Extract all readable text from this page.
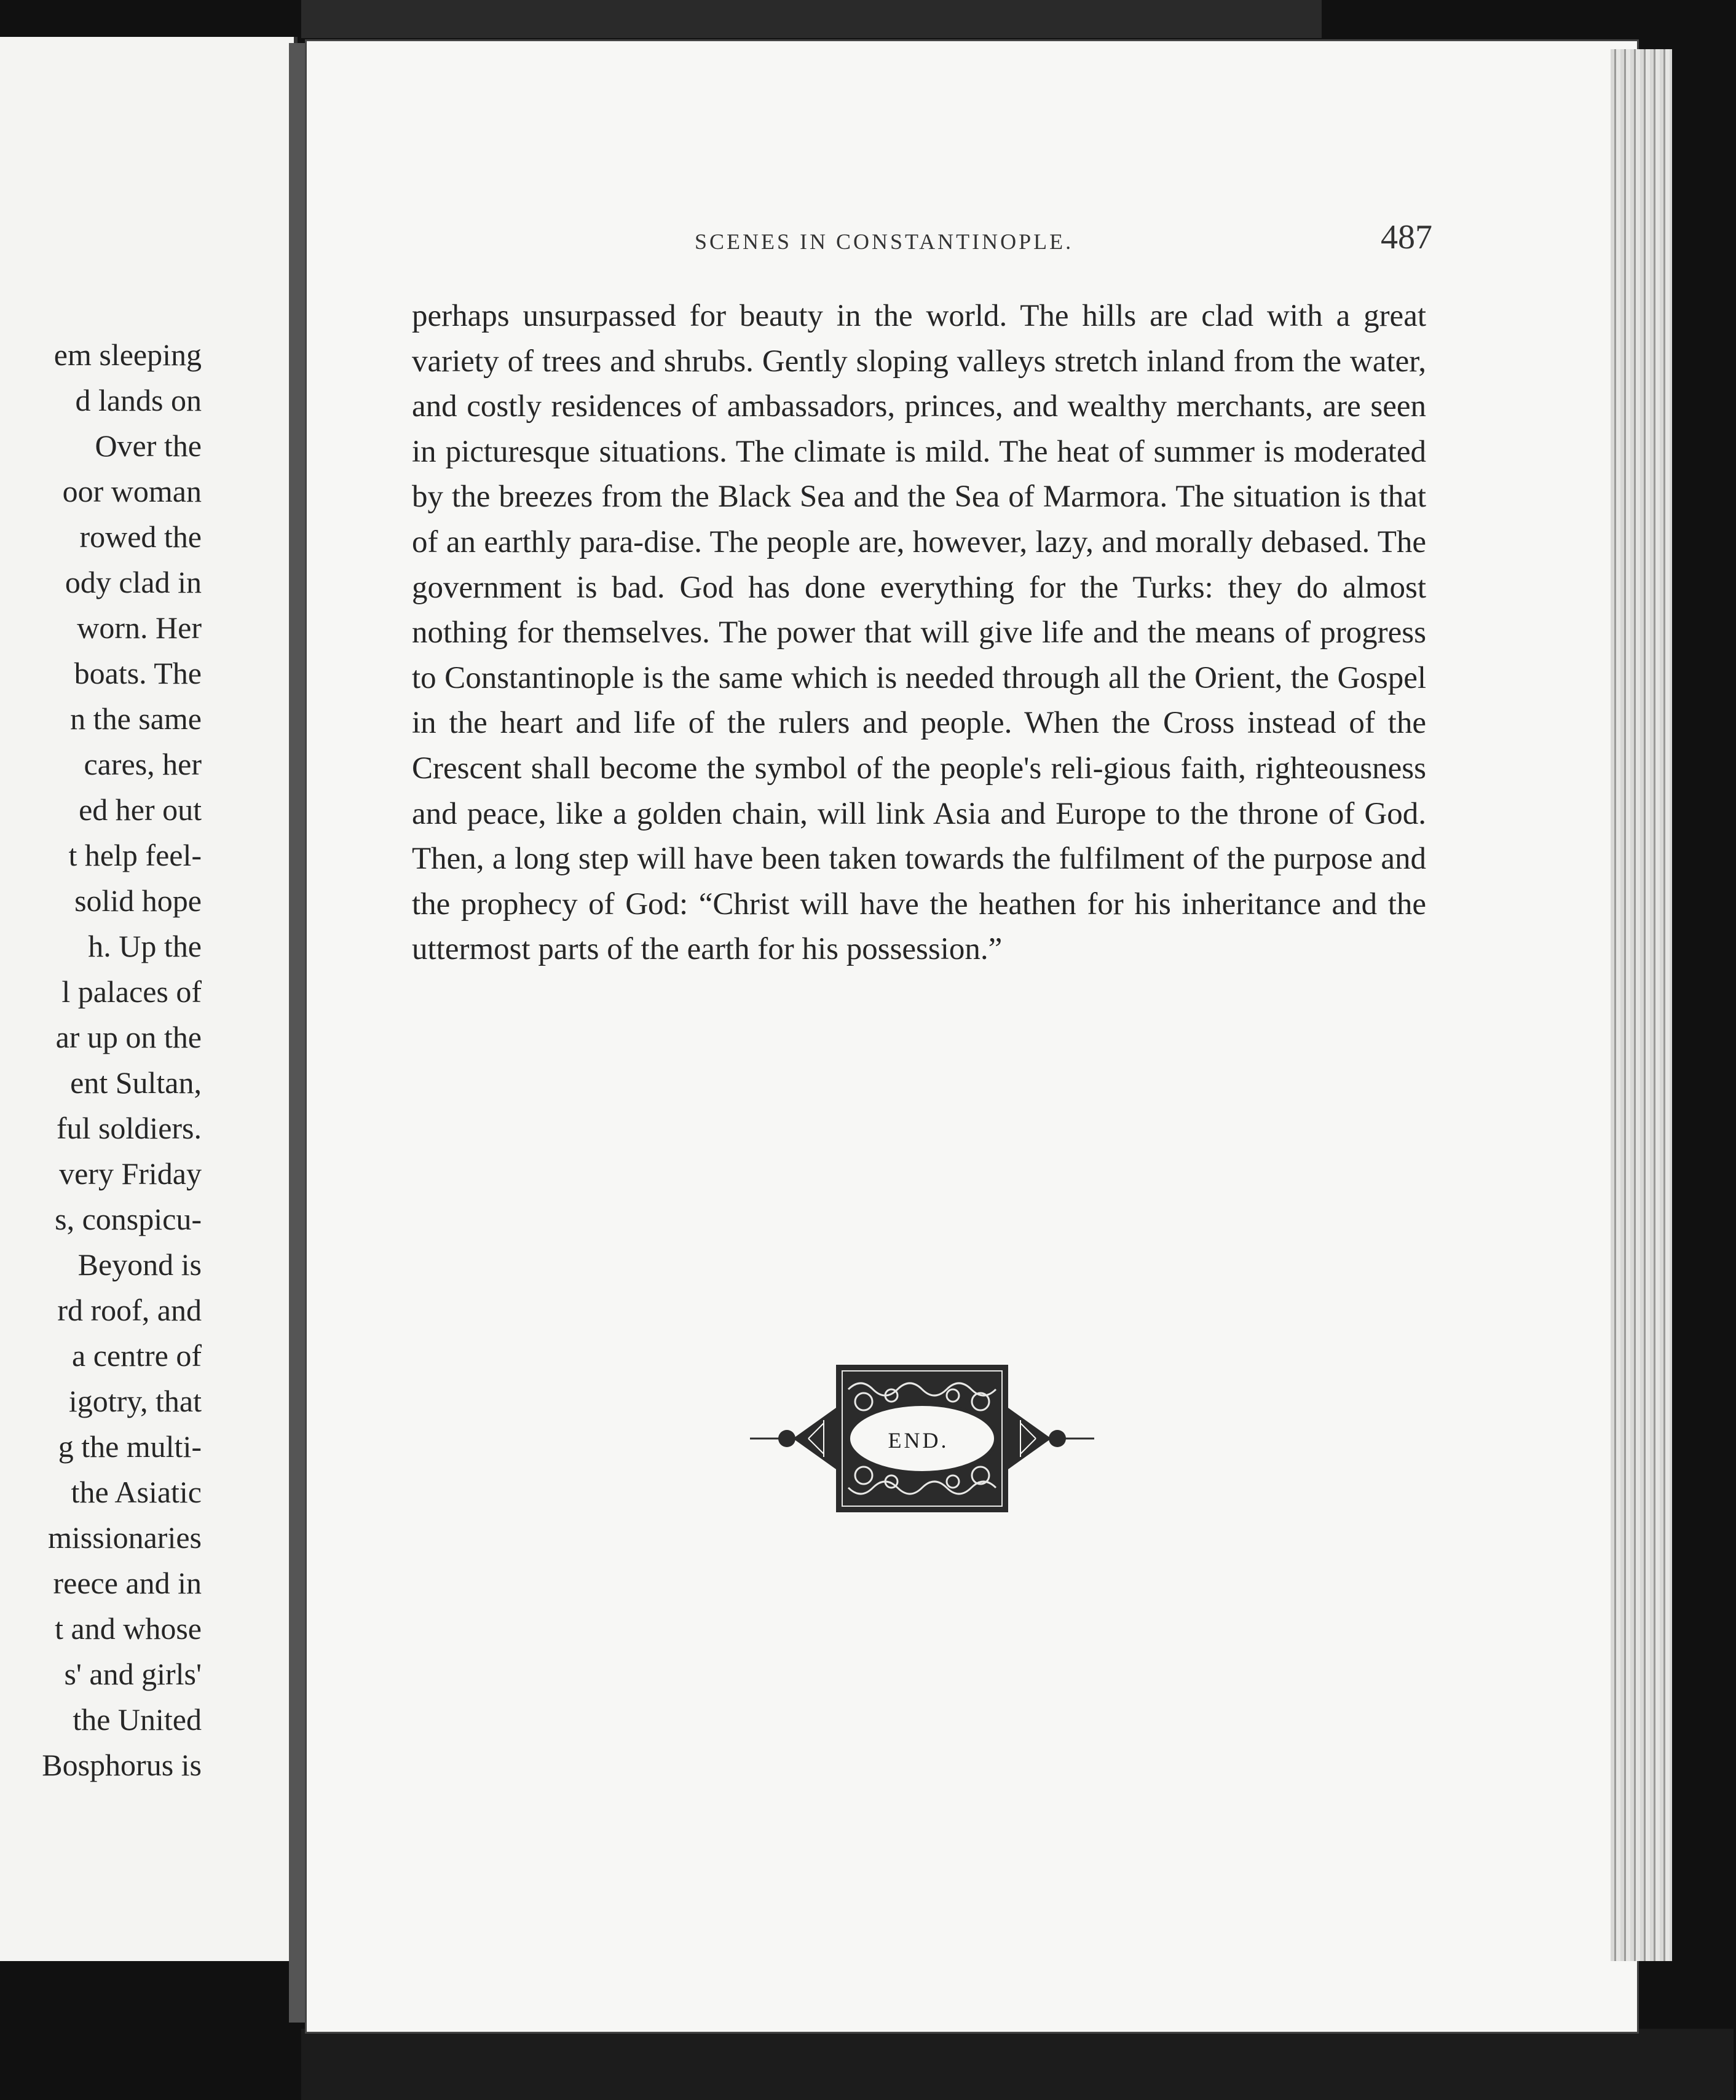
em sleeping
d lands on
Over the
oor woman
rowed the
ody clad in
worn. Her
boats. The
n the same
cares, her
ed her out
t help feel-
solid hope
h. Up the
l palaces of
ar up on the
ent Sultan,
ful soldiers.
very Friday
s, conspicu-
Beyond is
rd roof, and
a centre of
igotry, that
g the multi-
the Asiatic
missionaries
reece and in
t and whose
s' and girls'
the United
Bosphorus is
SCENES IN CONSTANTINOPLE.	487

perhaps unsurpassed for beauty in the world. The hills are clad with a great variety of trees and shrubs. Gently sloping valleys stretch inland from the water, and costly residences of ambassadors, princes, and wealthy merchants, are seen in picturesque situations. The climate is mild. The heat of summer is moderated by the breezes from the Black Sea and the Sea of Marmora. The situation is that of an earthly para-dise. The people are, however, lazy, and morally debased. The government is bad. God has done everything for the Turks: they do almost nothing for themselves. The power that will give life and the means of progress to Constantinople is the same which is needed through all the Orient, the Gospel in the heart and life of the rulers and people. When the Cross instead of the Crescent shall become the symbol of the people's reli-gious faith, righteousness and peace, like a golden chain, will link Asia and Europe to the throne of God. Then, a long step will have been taken towards the fulfilment of the purpose and the prophecy of God: “Christ will have the heathen for his inheritance and the uttermost parts of the earth for his possession.”

END.
